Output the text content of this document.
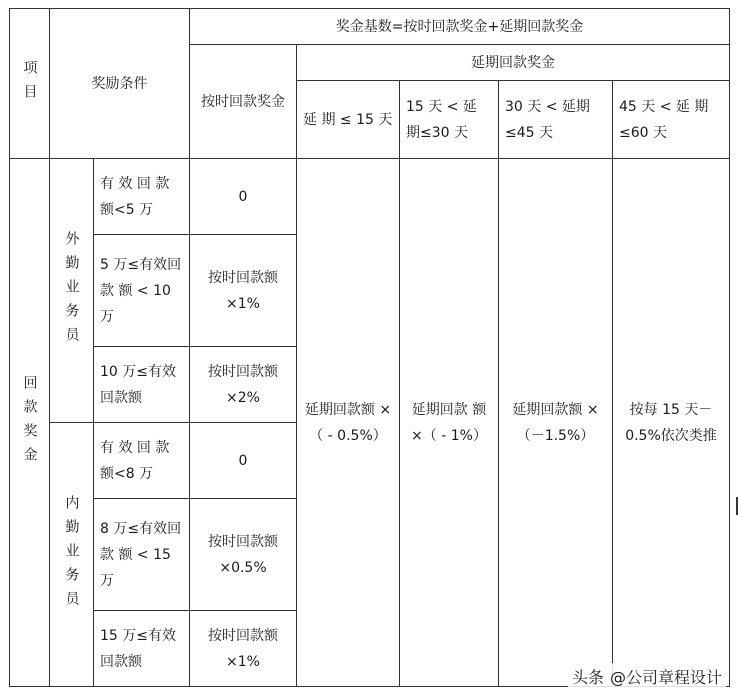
项目	奖励条件		奖金基数=按时回款奖金+延期回款奖金				
			按时回款奖金	延期回款奖金			
				延 期 ≤ 15 天	15 天 < 延 期≤30 天	30 天 < 延期 ≤45 天	45 天 < 延 期 ≤60 天

回款奖金	外勤业务员	有 效 回 款 额<5 万	0	延期回款额 ×（ - 0.5%）	延期回款 额×（ - 1%）	延期回款额 ×（－1.5%）	按每 15 天－ 0.5%依次类推
		5 万≤有效回 款 额 < 10 万	按时回款额 ×1%				
		10 万≤有效回款额	按时回款额 ×2%				

	内勤业务员	有 效 回 款 额<8 万	0				
		8 万≤有效回 款 额 < 15 万	按时回款额 ×0.5%				
		15 万≤有效回款额	按时回款额 ×1%				
头条 @公司章程设计
